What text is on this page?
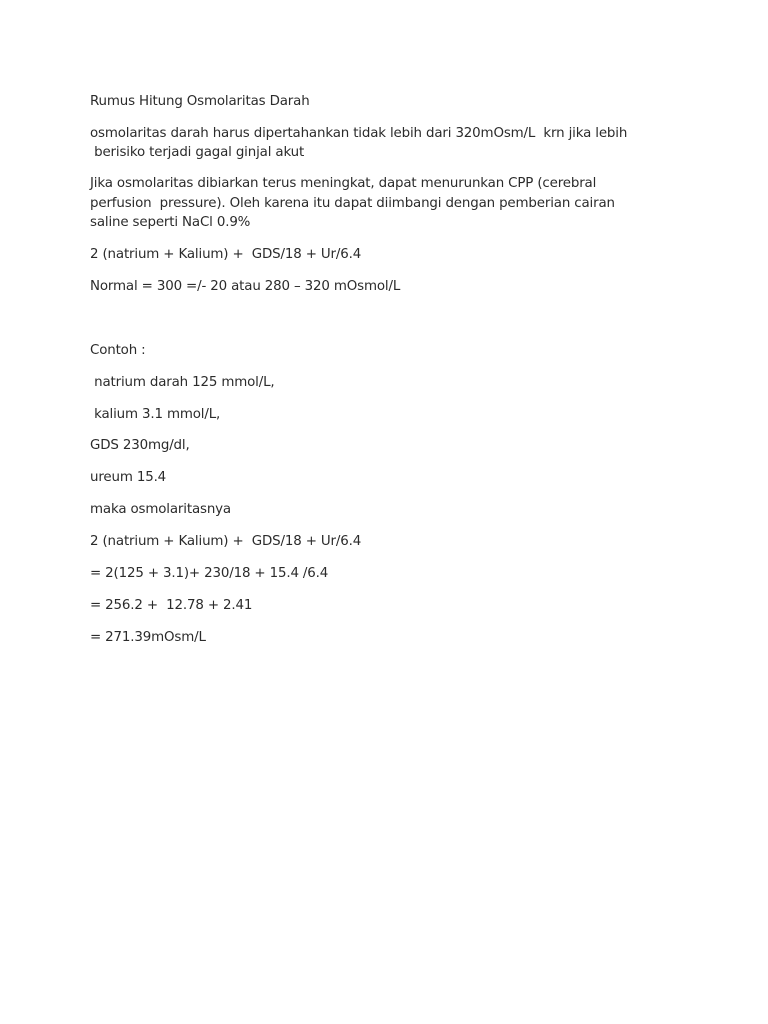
Rumus Hitung Osmolaritas Darah
osmolaritas darah harus dipertahankan tidak lebih dari 320mOsm/L  krn jika lebih
berisiko terjadi gagal ginjal akut
Jika osmolaritas dibiarkan terus meningkat, dapat menurunkan CPP (cerebral
perfusion  pressure). Oleh karena itu dapat diimbangi dengan pemberian cairan
saline seperti NaCl 0.9%
2 (natrium + Kalium) +  GDS/18 + Ur/6.4
Normal = 300 =/- 20 atau 280 – 320 mOsmol/L
Contoh :
natrium darah 125 mmol/L,
kalium 3.1 mmol/L,
GDS 230mg/dl,
ureum 15.4
maka osmolaritasnya
2 (natrium + Kalium) +  GDS/18 + Ur/6.4
= 2(125 + 3.1)+ 230/18 + 15.4 /6.4
= 256.2 +  12.78 + 2.41
= 271.39mOsm/L
